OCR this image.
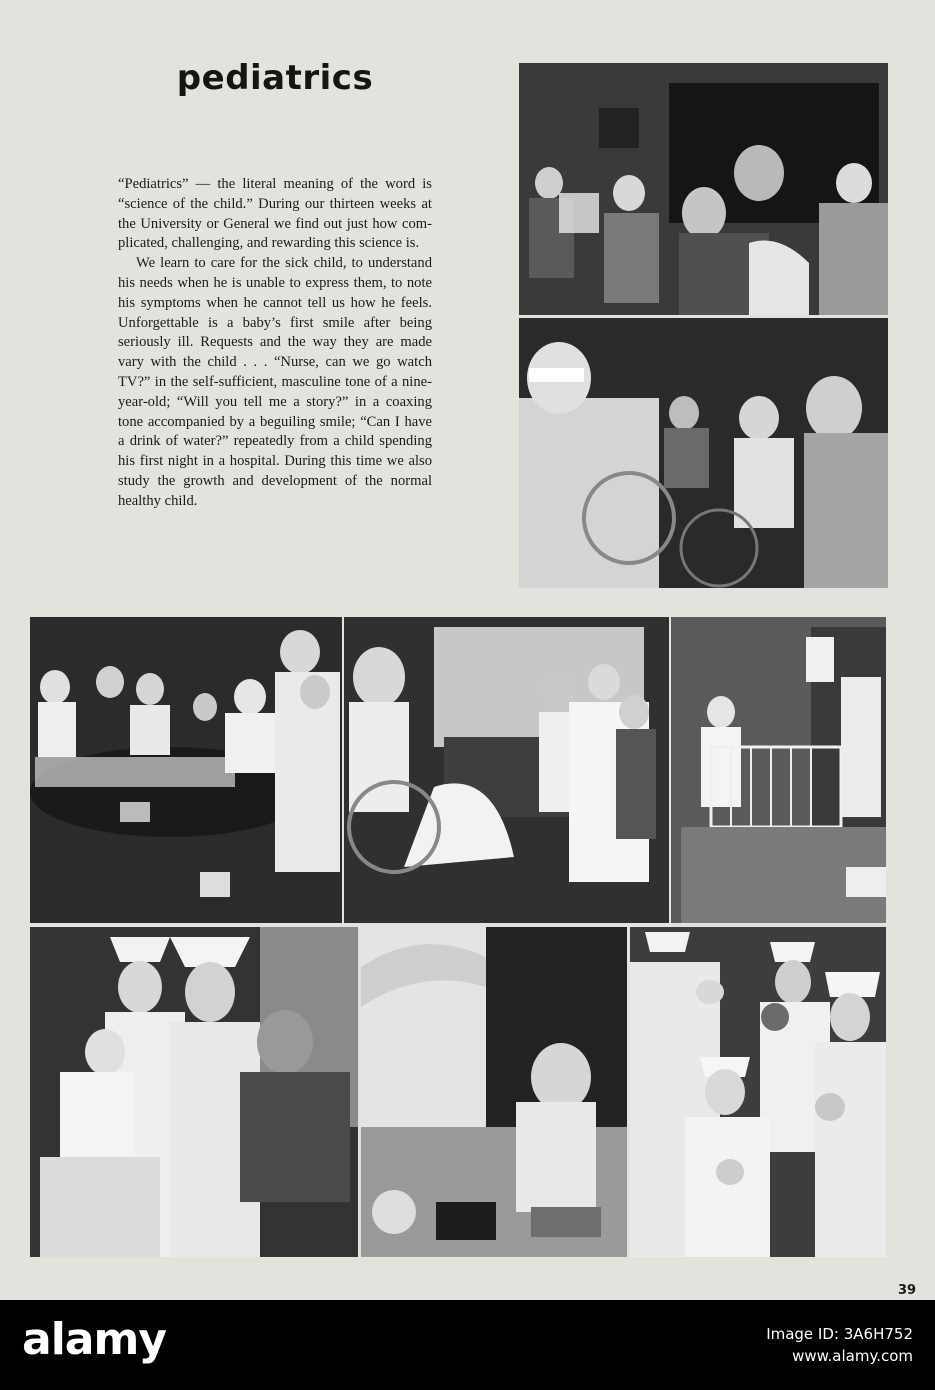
pediatrics

“Pediatrics” — the literal meaning of the word is “science of the child.” During our thirteen weeks at the University or General we find out just how complicated, challenging, and rewarding this science is.

We learn to care for the sick child, to understand his needs when he is unable to express them, to note his symptoms when he cannot tell us how he feels. Unforgettable is a baby’s first smile after being seriously ill. Requests and the way they are made vary with the child . . . “Nurse, can we go watch TV?” in the self-sufficient, masculine tone of a nine-year-old; “Will you tell me a story?” in a coaxing tone accompanied by a beguiling smile; “Can I have a drink of water?” repeatedly from a child spending his first night in a hospital. During this time we also study the growth and development of the normal healthy child.

39
alamy	Image ID: 3A6H752
www.alamy.com
